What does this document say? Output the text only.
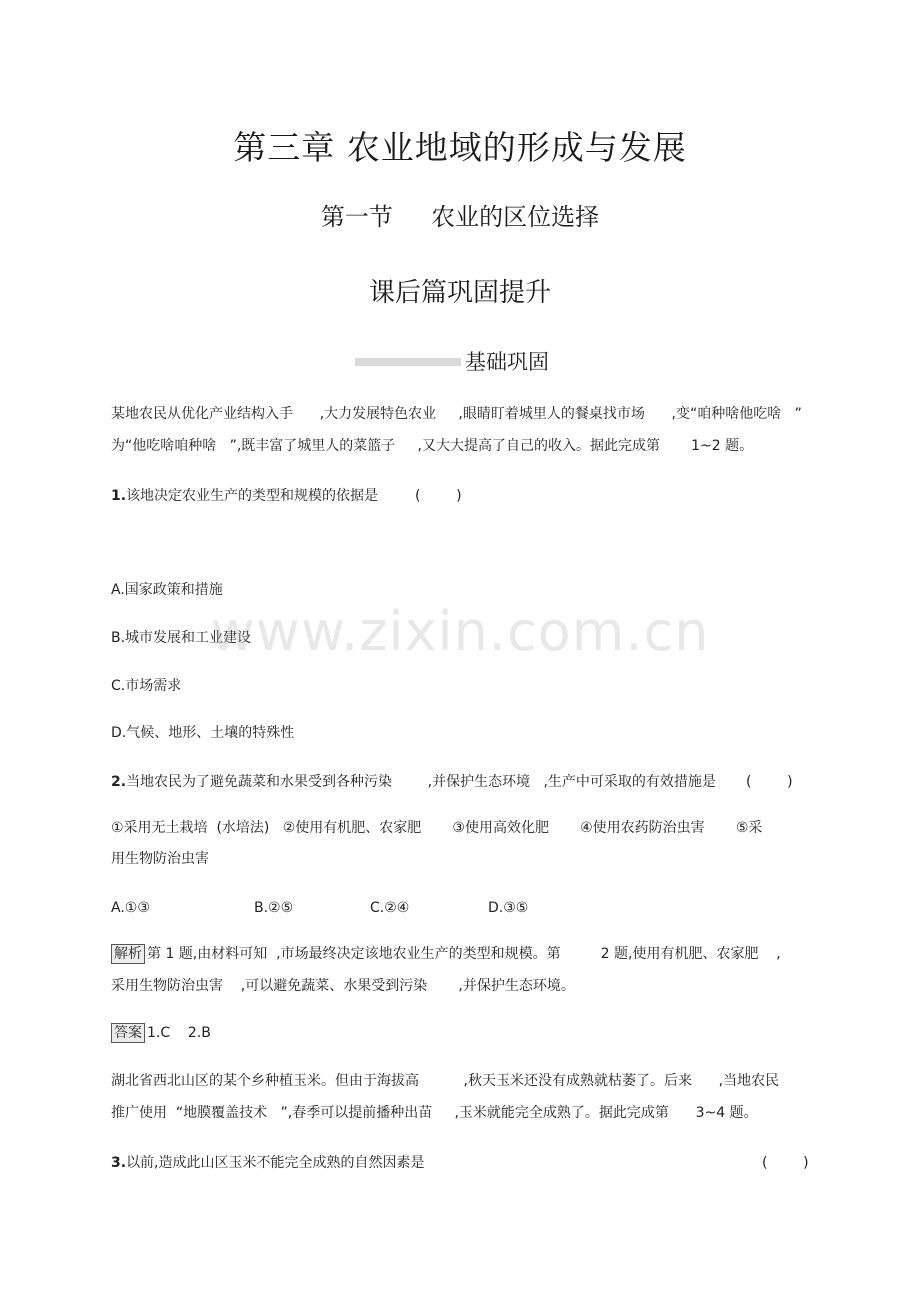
第三章 农业地域的形成与发展
第一节     农业的区位选择
课后篇巩固提升
基础巩固
某地农民从优化产业结构入手      ,大力发展特色农业     ,眼睛盯着城里人的餐桌找市场      ,变“咱种啥他吃啥   ”
为“他吃啥咱种啥   ”,既丰富了城里人的菜篮子     ,又大大提高了自己的收入。据此完成第       1~2 题。
1.该地决定农业生产的类型和规模的依据是	(        )
A.国家政策和措施
B.城市发展和工业建设
C.市场需求
D.气候、地形、土壤的特殊性
2.当地农民为了避免蔬菜和水果受到各种污染        ,并保护生态环境   ,生产中可采取的有效措施是 (        )
①采用无土栽培  (水培法)   ②使用有机肥、农家肥       ③使用高效化肥       ④使用农药防治虫害       ⑤采
用生物防治虫害
A.①③	B.②⑤	C.②④	D.③⑤
解析 第 1 题,由材料可知  ,市场最终决定该地农业生产的类型和规模。第         2 题,使用有机肥、农家肥    ,
采用生物防治虫害    ,可以避免蔬菜、水果受到污染       ,并保护生态环境。
答案 1.C    2.B
湖北省西北山区的某个乡种植玉米。但由于海拔高          ,秋天玉米还没有成熟就枯萎了。后来      ,当地农民
推广使用  “地膜覆盖技术   ”,春季可以提前播种出苗     ,玉米就能完全成熟了。据此完成第      3~4 题。
3.以前,造成此山区玉米不能完全成熟的自然因素是	(        )
www.zixin.com.cn
